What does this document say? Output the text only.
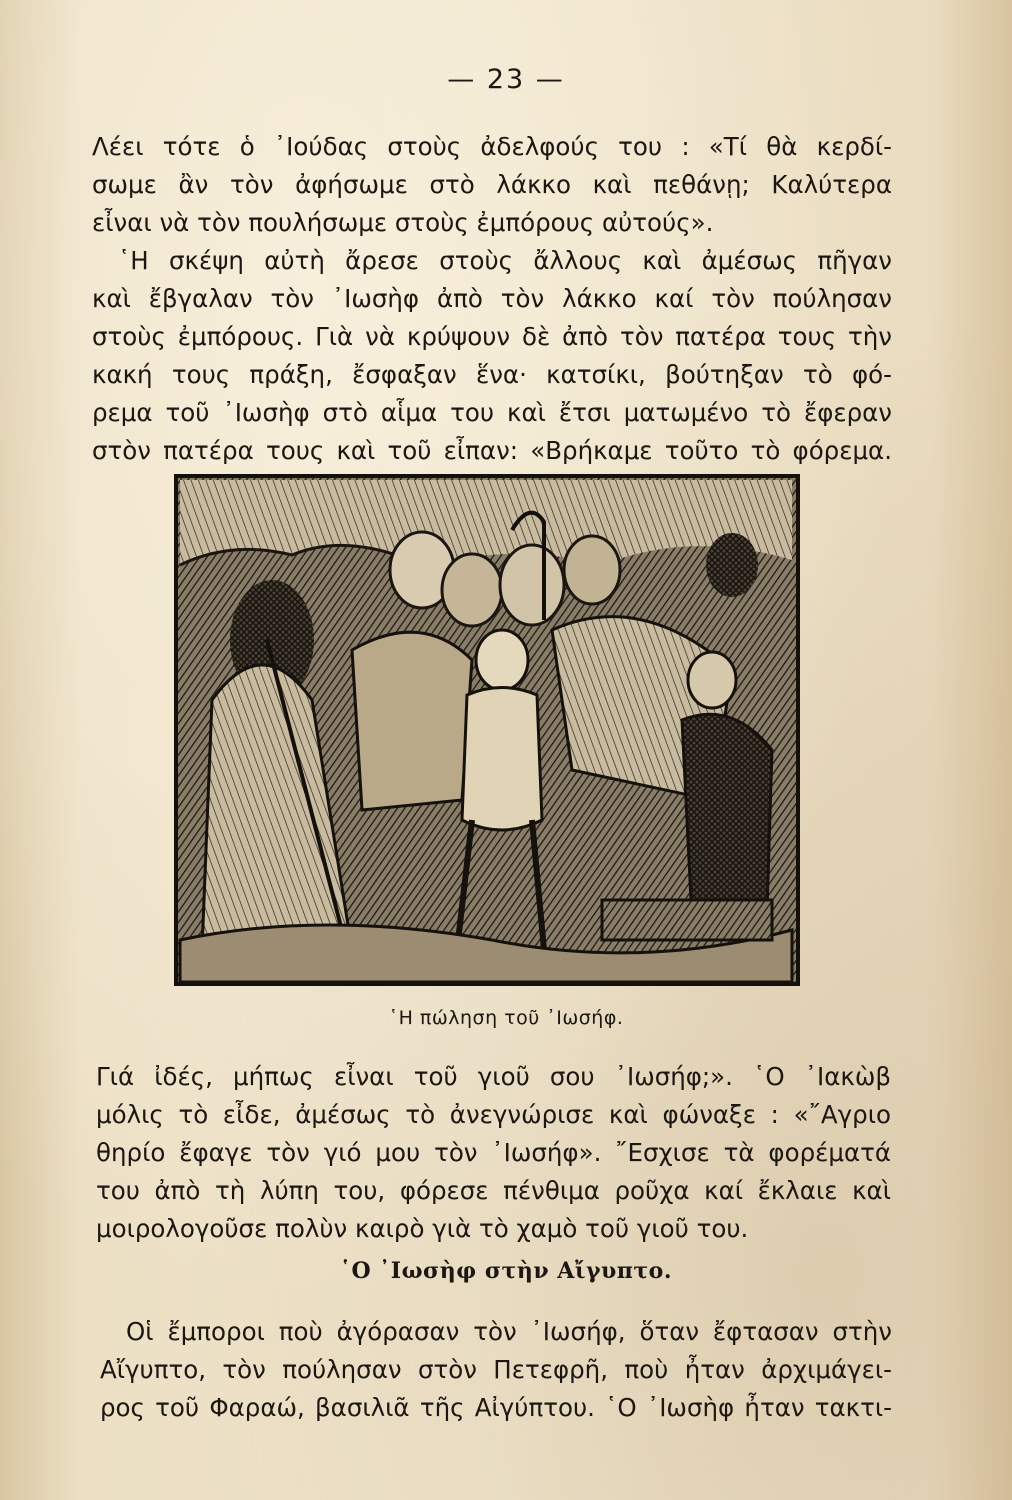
— 23 —
Λέει τότε ὁ ᾿Ιούδας στοὺς ἀδελφούς του : «Τί θὰ κερδί-
σωμε ἂν τὸν ἀφήσωμε στὸ λάκκο καὶ πεθάνῃ; Καλύτερα
εἶναι νὰ τὸν πουλήσωμε στοὺς ἐμπόρους αὐτούς».
῾Η σκέψη αὐτὴ ἄρεσε στοὺς ἄλλους καὶ ἀμέσως πῆγαν
καὶ ἔβγαλαν τὸν ᾿Ιωσὴφ ἀπὸ τὸν λάκκο καί τὸν πούλησαν
στοὺς ἐμπόρους. Γιὰ νὰ κρύψουν δὲ ἀπὸ τὸν πατέρα τους τὴν
κακή τους πράξη, ἔσφαξαν ἕνα· κατσίκι, βούτηξαν τὸ φό-
ρεμα τοῦ ᾿Ιωσὴφ στὸ αἷμα του καὶ ἔτσι ματωμένο τὸ ἔφεραν
στὸν πατέρα τους καὶ τοῦ εἶπαν: «Βρήκαμε τοῦτο τὸ φόρεμα.
῾Η πώληση τοῦ ᾿Ιωσήφ.
Γιά ἰδές, μήπως εἶναι τοῦ γιοῦ σου ᾿Ιωσήφ;». ῾Ο ᾿Ιακὼβ
μόλις τὸ εἶδε, ἀμέσως τὸ ἀνεγνώρισε καὶ φώναξε : «῎Αγριο
θηρίο ἔφαγε τὸν γιό μου τὸν ᾿Ιωσήφ». ῎Εσχισε τὰ φορέματά
του ἀπὸ τὴ λύπη του, φόρεσε πένθιμα ροῦχα καί ἔκλαιε καὶ
μοιρολογοῦσε πολὺν καιρὸ γιὰ τὸ χαμὸ τοῦ γιοῦ του.
῾Ο ᾿Ιωσὴφ στὴν Αἴγυπτο.
Οἱ ἔμποροι ποὺ ἀγόρασαν τὸν ᾿Ιωσήφ, ὅταν ἔφτασαν στὴν
Αἴγυπτο, τὸν πούλησαν στὸν Πετεφρῆ, ποὺ ἦταν ἀρχιμάγει-
ρος τοῦ Φαραώ, βασιλιᾶ τῆς Αἰγύπτου. ῾Ο ᾿Ιωσὴφ ἦταν τακτι-
